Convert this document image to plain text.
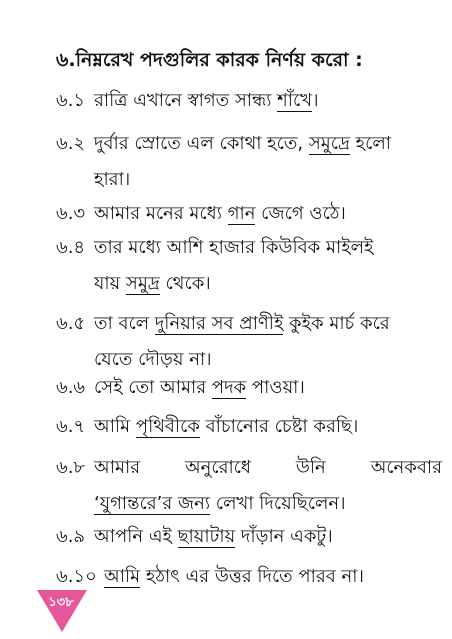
৬.নিম্নরেখ পদগুলির কারক নির্ণয় করো :
৬.১ রাত্রি এখানে স্বাগত সান্ধ্য শাঁখে।
৬.২ দুর্বার স্রোতে এল কোথা হতে, সমুদ্রে হলো
হারা।
৬.৩ আমার মনের মধ্যে গান জেগে ওঠে।
৬.৪ তার মধ্যে আশি হাজার কিউবিক মাইলই
যায় সমুদ্র থেকে।
৬.৫ তা বলে দুনিয়ার সব প্রাণীই কুইক মার্চ করে
যেতে দৌড়য় না।
৬.৬ সেই তো আমার পদক পাওয়া।
৬.৭ আমি পৃথিবীকে বাঁচানোর চেষ্টা করছি।
৬.৮ আমার অনুরোধে উনি অনেকবার
‘যুগান্তরে’র জন্য লেখা দিয়েছিলেন।
৬.৯ আপনি এই ছায়াটায় দাঁড়ান একটু।
৬.১০ আমি হঠাৎ এর উত্তর দিতে পারব না।
১৩৮
